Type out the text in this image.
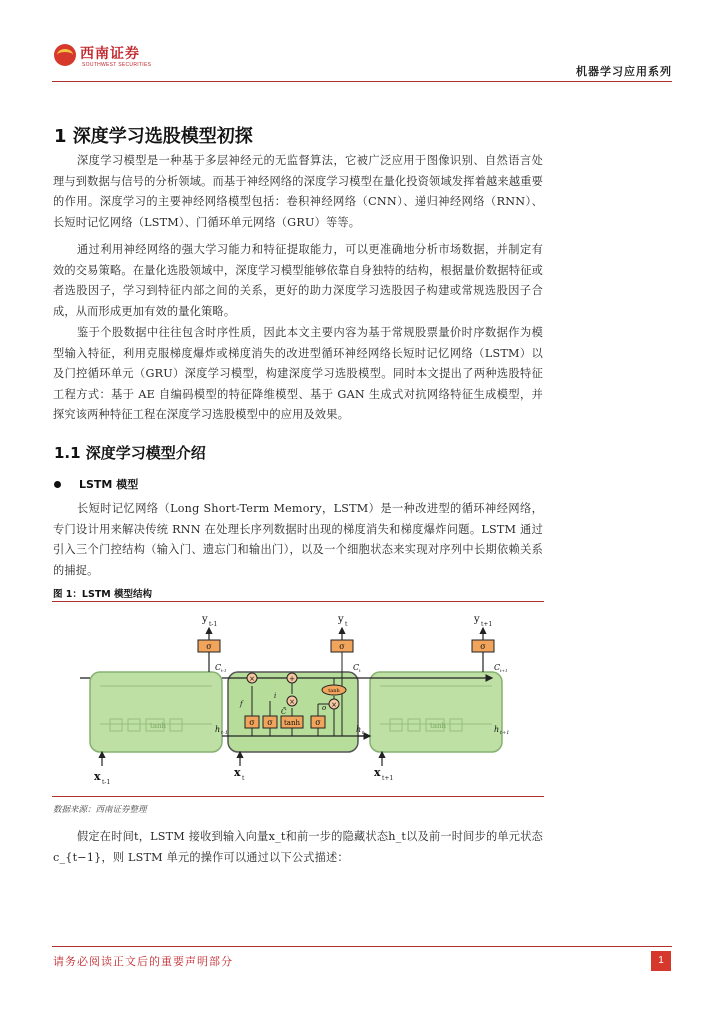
西南证券
SOUTHWEST SECURITIES	机器学习应用系列
1 深度学习选股模型初探
深度学习模型是一种基于多层神经元的无监督算法，它被广泛应用于图像识别、自然语言处理与到数据与信号的分析领域。而基于神经网络的深度学习模型在量化投资领域发挥着越来越重要的作用。深度学习的主要神经网络模型包括：卷积神经网络（CNN）、递归神经网络（RNN）、长短时记忆网络（LSTM）、门循环单元网络（GRU）等等。
通过利用神经网络的强大学习能力和特征提取能力，可以更准确地分析市场数据，并制定有效的交易策略。在量化选股领域中，深度学习模型能够依靠自身独特的结构，根据量价数据特征或者选股因子，学习到特征内部之间的关系，更好的助力深度学习选股因子构建或常规选股因子合成，从而形成更加有效的量化策略。
鉴于个股数据中往往包含时序性质，因此本文主要内容为基于常规股票量价时序数据作为模型输入特征，利用克服梯度爆炸或梯度消失的改进型循环神经网络长短时记忆网络（LSTM）以及门控循环单元（GRU）深度学习模型，构建深度学习选股模型。同时本文提出了两种选股特征工程方式：基于 AE 自编码模型的特征降维模型、基于 GAN 生成式对抗网络特征生成模型，并探究该两种特征工程在深度学习选股模型中的应用及效果。
1.1 深度学习模型介绍
LSTM 模型
长短时记忆网络（Long Short-Term Memory，LSTM）是一种改进型的循环神经网络，专门设计用来解决传统 RNN 在处理长序列数据时出现的梯度消失和梯度爆炸问题。LSTM 通过引入三个门控结构（输入门、遗忘门和输出门），以及一个细胞状态来实现对序列中长期依赖关系的捕捉。
图 1：LSTM 模型结构
tanh	tanh
σ σ tanh σ
tanh
f
i
C̃	o
×	+
×	×
σ	σ	σ
y t-1	y t	y t+1
x t-1
x t	x t+1
C t-1	C t	C t+1
h t-1	h t	h t+1
数据来源：西南证券整理
假定在时间t，LSTM 接收到输入向量x_t和前一步的隐藏状态h_t以及前一时间步的单元状态c_{t−1}，则 LSTM 单元的操作可以通过以下公式描述：
请务必阅读正文后的重要声明部分	1
